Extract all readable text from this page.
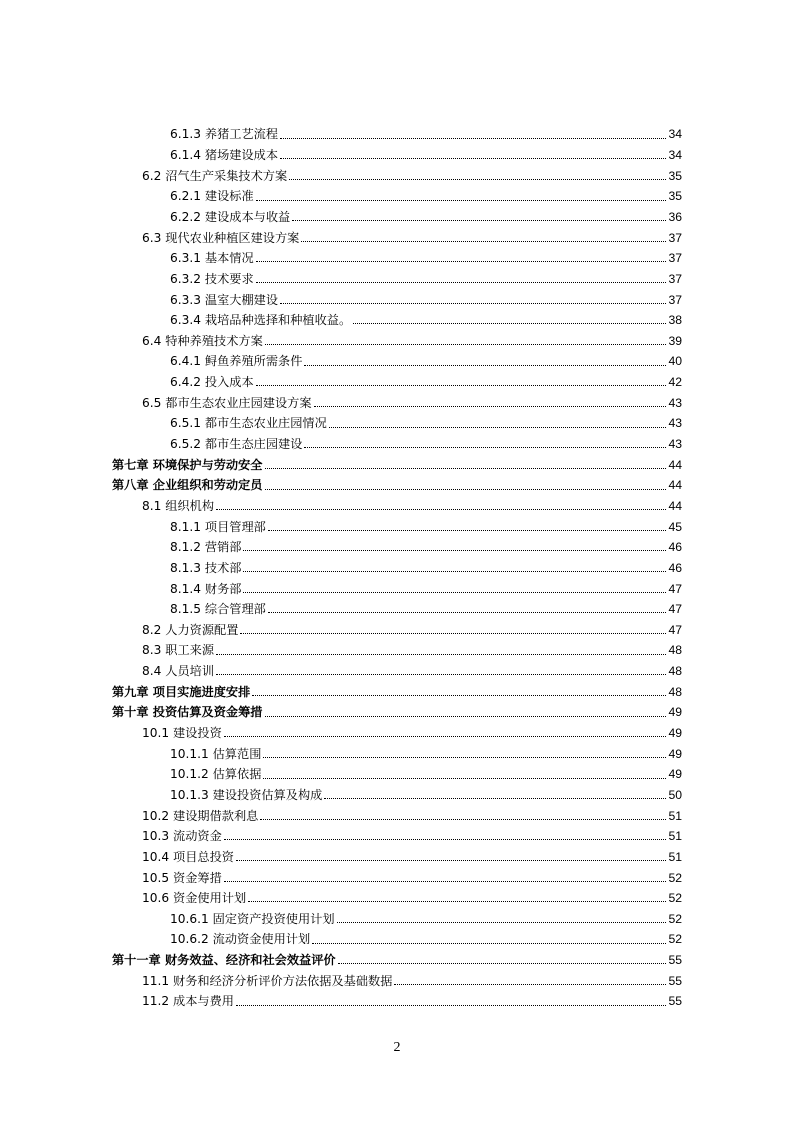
6.1.3 养猪工艺流程	34
6.1.4 猪场建设成本	34
6.2 沼气生产采集技术方案	35
6.2.1 建设标准	35
6.2.2 建设成本与收益	36
6.3 现代农业种植区建设方案	37
6.3.1 基本情况	37
6.3.2 技术要求	37
6.3.3 温室大棚建设	37
6.3.4 栽培品种选择和种植收益。	38
6.4 特种养殖技术方案	39
6.4.1 鲟鱼养殖所需条件	40
6.4.2 投入成本	42
6.5 都市生态农业庄园建设方案	43
6.5.1 都市生态农业庄园情况	43
6.5.2 都市生态庄园建设	43
第七章 环境保护与劳动安全	44
第八章 企业组织和劳动定员	44
8.1 组织机构	44
8.1.1 项目管理部	45
8.1.2 营销部	46
8.1.3 技术部	46
8.1.4 财务部	47
8.1.5 综合管理部	47
8.2 人力资源配置	47
8.3 职工来源	48
8.4 人员培训	48
第九章 项目实施进度安排	48
第十章 投资估算及资金筹措	49
10.1 建设投资	49
10.1.1 估算范围	49
10.1.2 估算依据	49
10.1.3 建设投资估算及构成	50
10.2 建设期借款利息	51
10.3 流动资金	51
10.4 项目总投资	51
10.5 资金筹措	52
10.6 资金使用计划	52
10.6.1 固定资产投资使用计划	52
10.6.2 流动资金使用计划	52
第十一章 财务效益、经济和社会效益评价	55
11.1 财务和经济分析评价方法依据及基础数据	55
11.2 成本与费用	55
2
